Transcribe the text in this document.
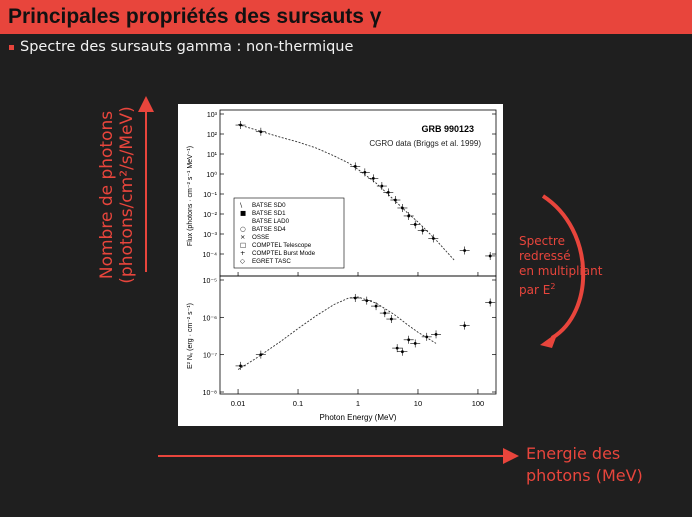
Principales propriétés des sursauts γ
Spectre des sursauts gamma : non-thermique
Nombre de photons (photons/cm²/s/MeV)	Spectre
redressé
en multipliant
par $E^2$
Energie des
photons (MeV)
10³
10²
10¹
10⁰
10⁻¹
10⁻²
10⁻³
10⁻⁴
10⁻⁵
10⁻⁶
10⁻⁷
10⁻⁸
0.01	0.1	1	10	100
GRB 990123
CGRO data (Briggs et al. 1999)
Flux (photons · cm⁻² s⁻¹ MeV⁻¹)
E² Nᵥ (erg · cm⁻² s⁻¹)
Photon Energy (MeV)
\ BATSE SD0
■ BATSE SD1
BATSE LAD0
○ BATSE SD4
× OSSE
□ COMPTEL Telescope
+ COMPTEL Burst Mode
◇ EGRET TASC
